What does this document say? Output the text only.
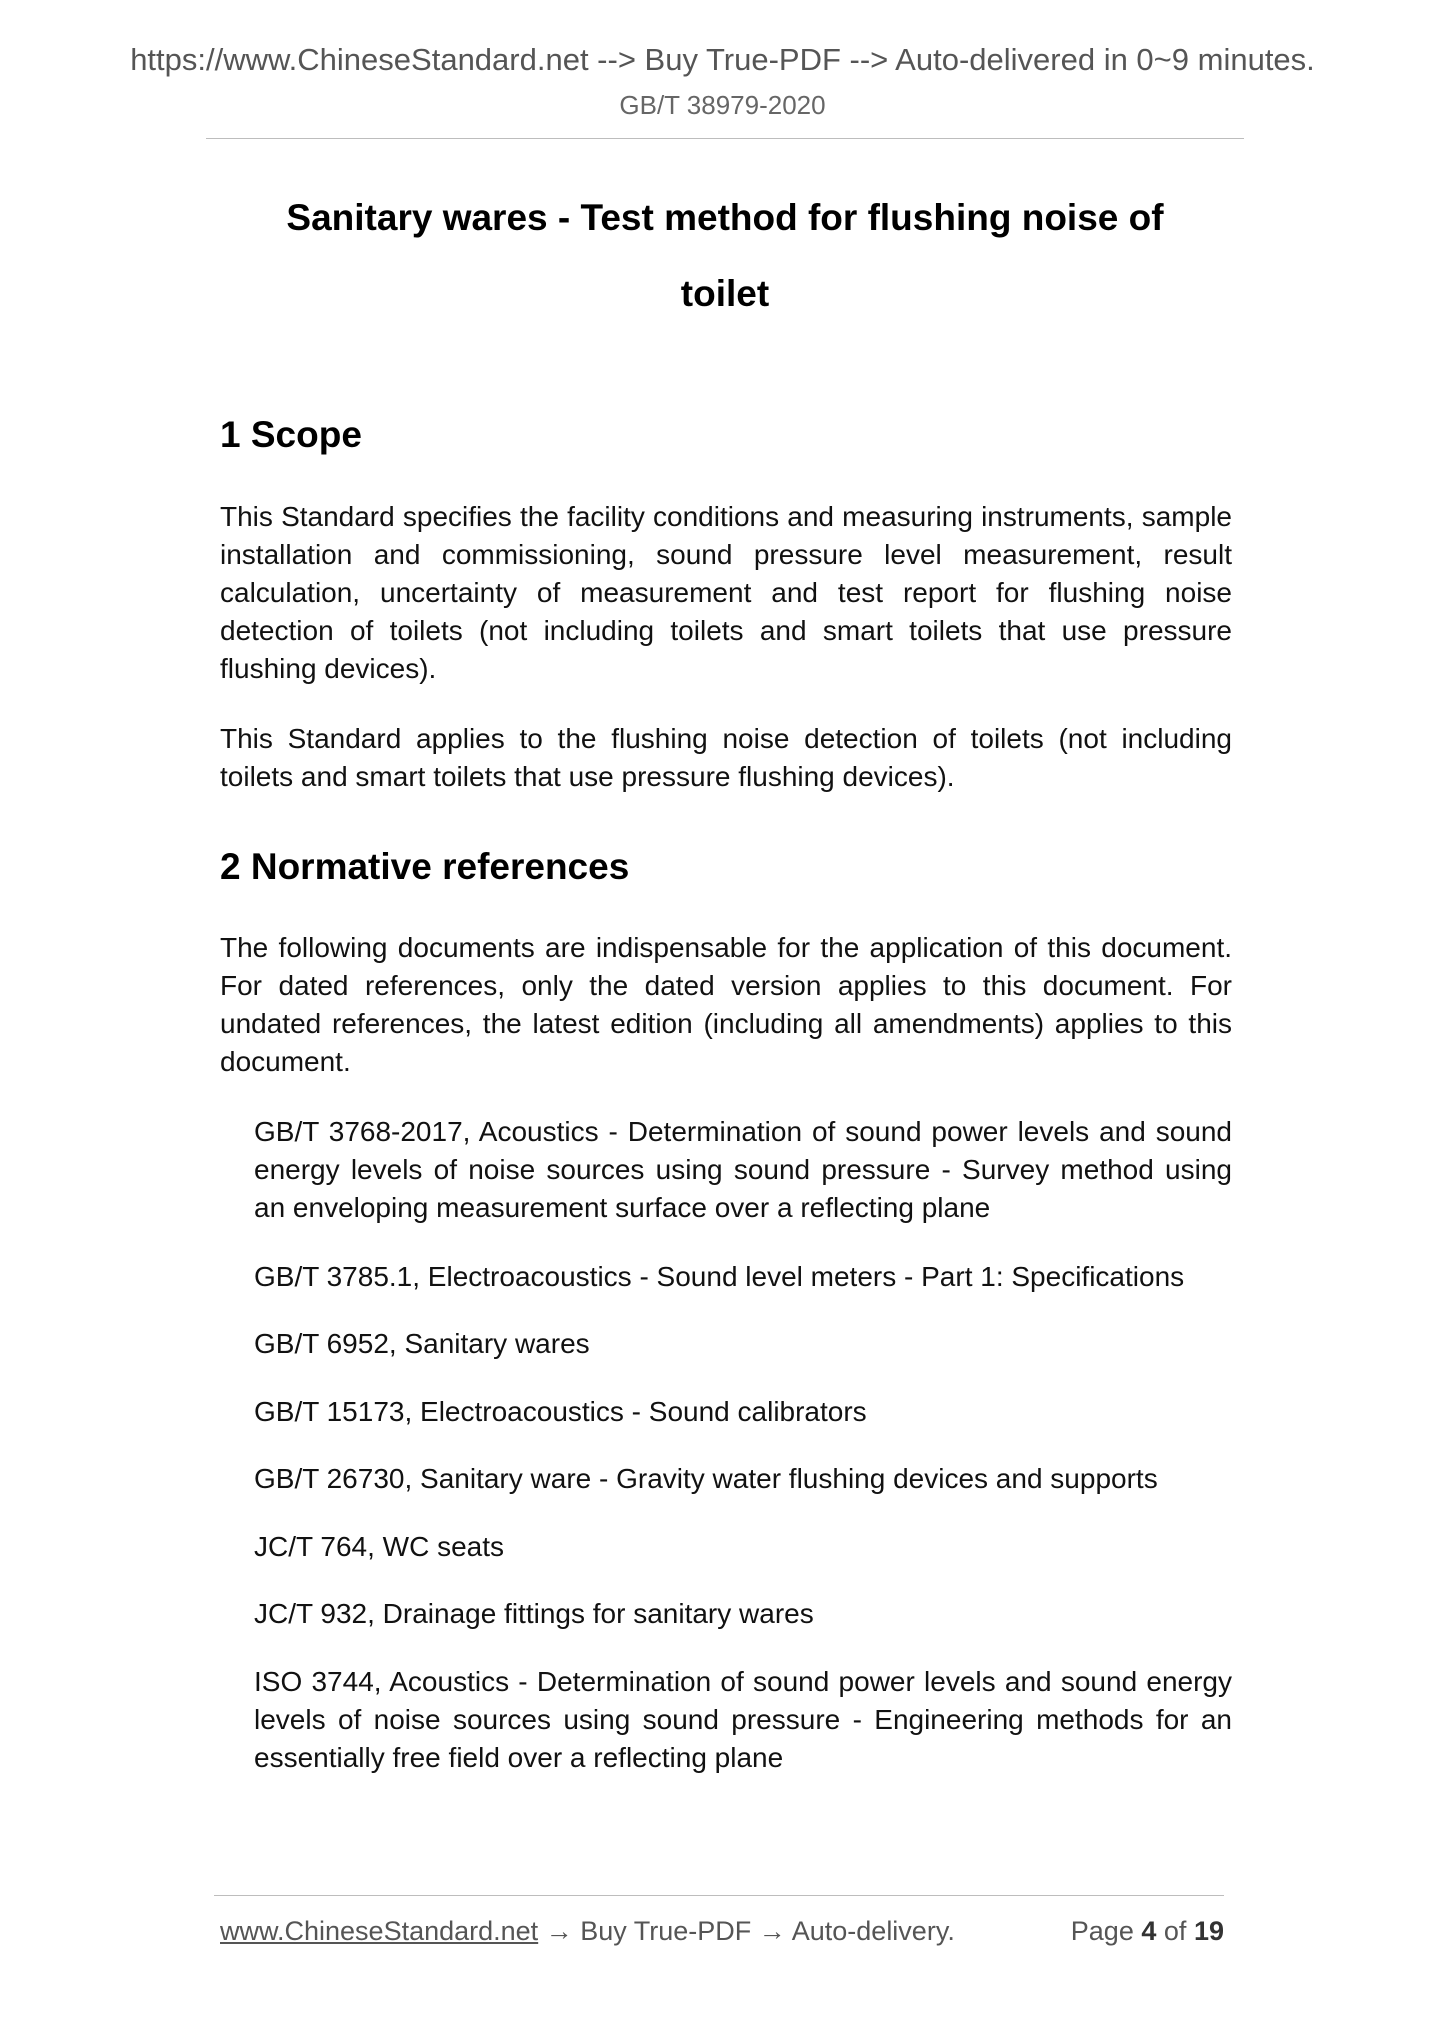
https://www.ChineseStandard.net --> Buy True-PDF --> Auto-delivered in 0~9 minutes.
GB/T 38979-2020
Sanitary wares - Test method for flushing noise of
toilet
1 Scope
This Standard specifies the facility conditions and measuring instruments, sample installation and commissioning, sound pressure level measurement, result calculation, uncertainty of measurement and test report for flushing noise detection of toilets (not including toilets and smart toilets that use pressure flushing devices).
This Standard applies to the flushing noise detection of toilets (not including toilets and smart toilets that use pressure flushing devices).
2 Normative references
The following documents are indispensable for the application of this document. For dated references, only the dated version applies to this document. For undated references, the latest edition (including all amendments) applies to this document.
GB/T 3768-2017, Acoustics - Determination of sound power levels and sound energy levels of noise sources using sound pressure - Survey method using an enveloping measurement surface over a reflecting plane
GB/T 3785.1, Electroacoustics - Sound level meters - Part 1: Specifications
GB/T 6952, Sanitary wares
GB/T 15173, Electroacoustics - Sound calibrators
GB/T 26730, Sanitary ware - Gravity water flushing devices and supports
JC/T 764, WC seats
JC/T 932, Drainage fittings for sanitary wares
ISO 3744, Acoustics - Determination of sound power levels and sound energy levels of noise sources using sound pressure - Engineering methods for an essentially free field over a reflecting plane
www.ChineseStandard.net → Buy True-PDF → Auto-delivery.	Page 4 of 19
